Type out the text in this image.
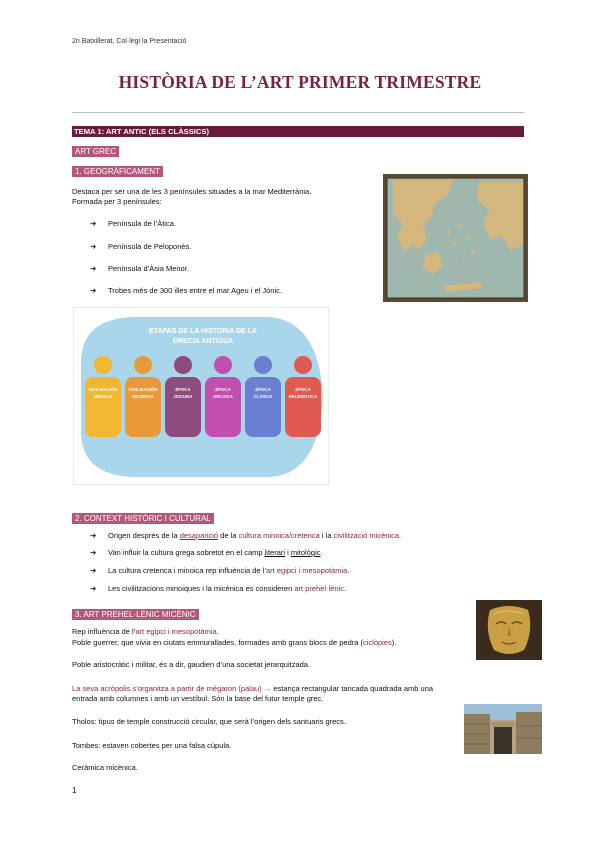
2n Batxillerat, Col·legi la Presentació
HISTÒRIA DE L’ART PRIMER TRIMESTRE
TEMA 1: ART ANTIC (ELS CLÀSSICS)
ART GREC
1. GEOGRÀFICAMENT
Destaca per ser una de les 3 penínsules situades a la mar Mediterrània.
Formada per 3 penínsules:
➔ Península de l’Àtica.
➔ Península de Peloponès.
➔ Península d’Àsia Menor.
➔ Trobes més de 300 illes entre el mar Ageu i el Jònic.
ETAPAS DE LA HISTORIA DE LA
GRECIA ANTIGUA
CIVILIZACIÓN
MINOICA
CIVILIZACIÓN
MICÉNICA
ÉPOCA
OSCURA
ÉPOCA
ARCAICA
ÉPOCA
CLÁSICA
ÉPOCA
HELENÍSTICA
2. CONTEXT HISTÒRIC I CULTURAL
➔ Origen després de la desaparició de la cultura minoica/cretenca i la civilització micènica.
➔ Van influir la cultura grega sobretot en el camp literari i mitològic.
➔ La cultura cretenca i minoica rep influència de l’art egipci i mesopotàmia.
➔ Les civilitzacions minoiques i la micènica es consideren art prehel·lènic.
3. ART PREHEL·LÈNIC MICÈNIC
Rep influència de l’art egipci i mesopotàmia.
Poble guerrer, que vivia en ciutats emmurallades, formades amb grans blocs de pedra (ciclòpies).
Poble aristocràtic i militar, és a dir, gaudien d’una societat jerarquitzada.
La seva acròpolis s’organitza a partir de mègaron (palau) → estança rectangular tancada quadrada amb una
entrada amb columnes i amb un vestíbul. Són la base del futur temple grec.
Tholos: tipus de temple construcció circular, que serà l’origen dels santuaris grecs.
Tombes: estaven cobertes per una falsa cúpula.
Ceràmica micènica.
1
